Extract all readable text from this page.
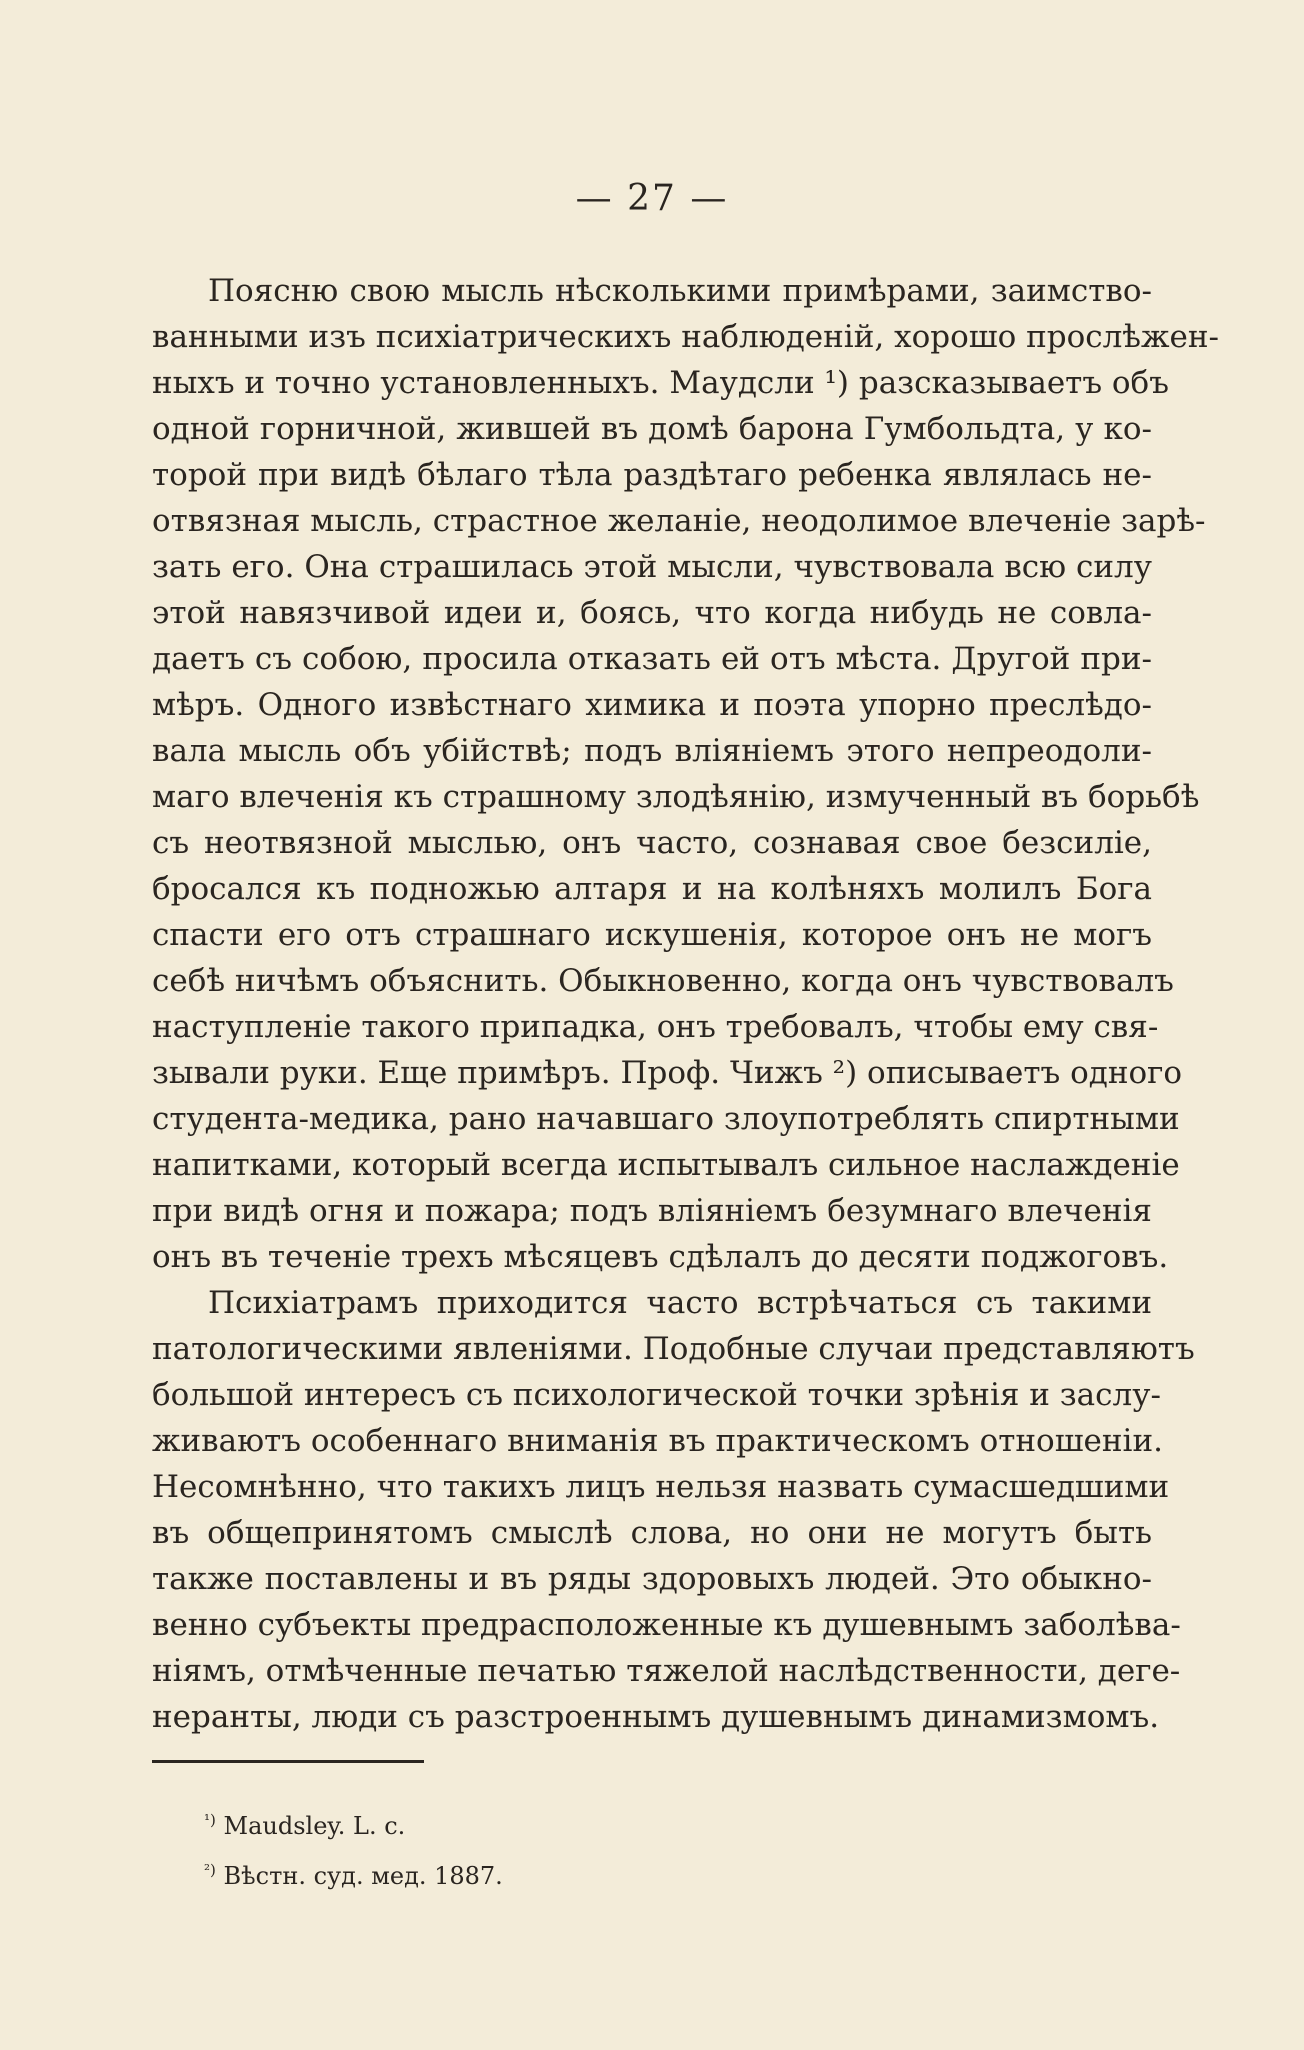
— 27 —
Поясню свою мысль нѣсколькими примѣрами, заимство-
ванными изъ психіатрическихъ наблюденій, хорошо прослѣжен-
ныхъ и точно установленныхъ. Маудсли ¹) разсказываетъ объ
одной горничной, жившей въ домѣ барона Гумбольдта, у ко-
торой при видѣ бѣлаго тѣла раздѣтаго ребенка являлась не-
отвязная мысль, страстное желаніе, неодолимое влеченіе зарѣ-
зать его. Она страшилась этой мысли, чувствовала всю силу
этой навязчивой идеи и, боясь, что когда нибудь не совла-
даетъ съ собою, просила отказать ей отъ мѣста. Другой при-
мѣръ. Одного извѣстнаго химика и поэта упорно преслѣдо-
вала мысль объ убійствѣ; подъ вліяніемъ этого непреодоли-
маго влеченія къ страшному злодѣянію, измученный въ борьбѣ
съ неотвязной мыслью, онъ часто, сознавая свое безсиліе,
бросался къ подножью алтаря и на колѣняхъ молилъ Бога
спасти его отъ страшнаго искушенія, которое онъ не могъ
себѣ ничѣмъ объяснить. Обыкновенно, когда онъ чувствовалъ
наступленіе такого припадка, онъ требовалъ, чтобы ему свя-
зывали руки. Еще примѣръ. Проф. Чижъ ²) описываетъ одного
студента-медика, рано начавшаго злоупотреблять спиртными
напитками, который всегда испытывалъ сильное наслажденіе
при видѣ огня и пожара; подъ вліяніемъ безумнаго влеченія
онъ въ теченіе трехъ мѣсяцевъ сдѣлалъ до десяти поджоговъ.
Психіатрамъ приходится часто встрѣчаться съ такими
патологическими явленіями. Подобные случаи представляютъ
большой интересъ съ психологической точки зрѣнія и заслу-
живаютъ особеннаго вниманія въ практическомъ отношеніи.
Несомнѣнно, что такихъ лицъ нельзя назвать сумасшедшими
въ общепринятомъ смыслѣ слова, но они не могутъ быть
также поставлены и въ ряды здоровыхъ людей. Это обыкно-
венно субъекты предрасположенные къ душевнымъ заболѣва-
ніямъ, отмѣченные печатью тяжелой наслѣдственности, деге-
неранты, люди съ разстроеннымъ душевнымъ динамизмомъ.
$^{^1)}$ Maudsley. L. c.
$^{^2)}$ Вѣстн. суд. мед. 1887.
